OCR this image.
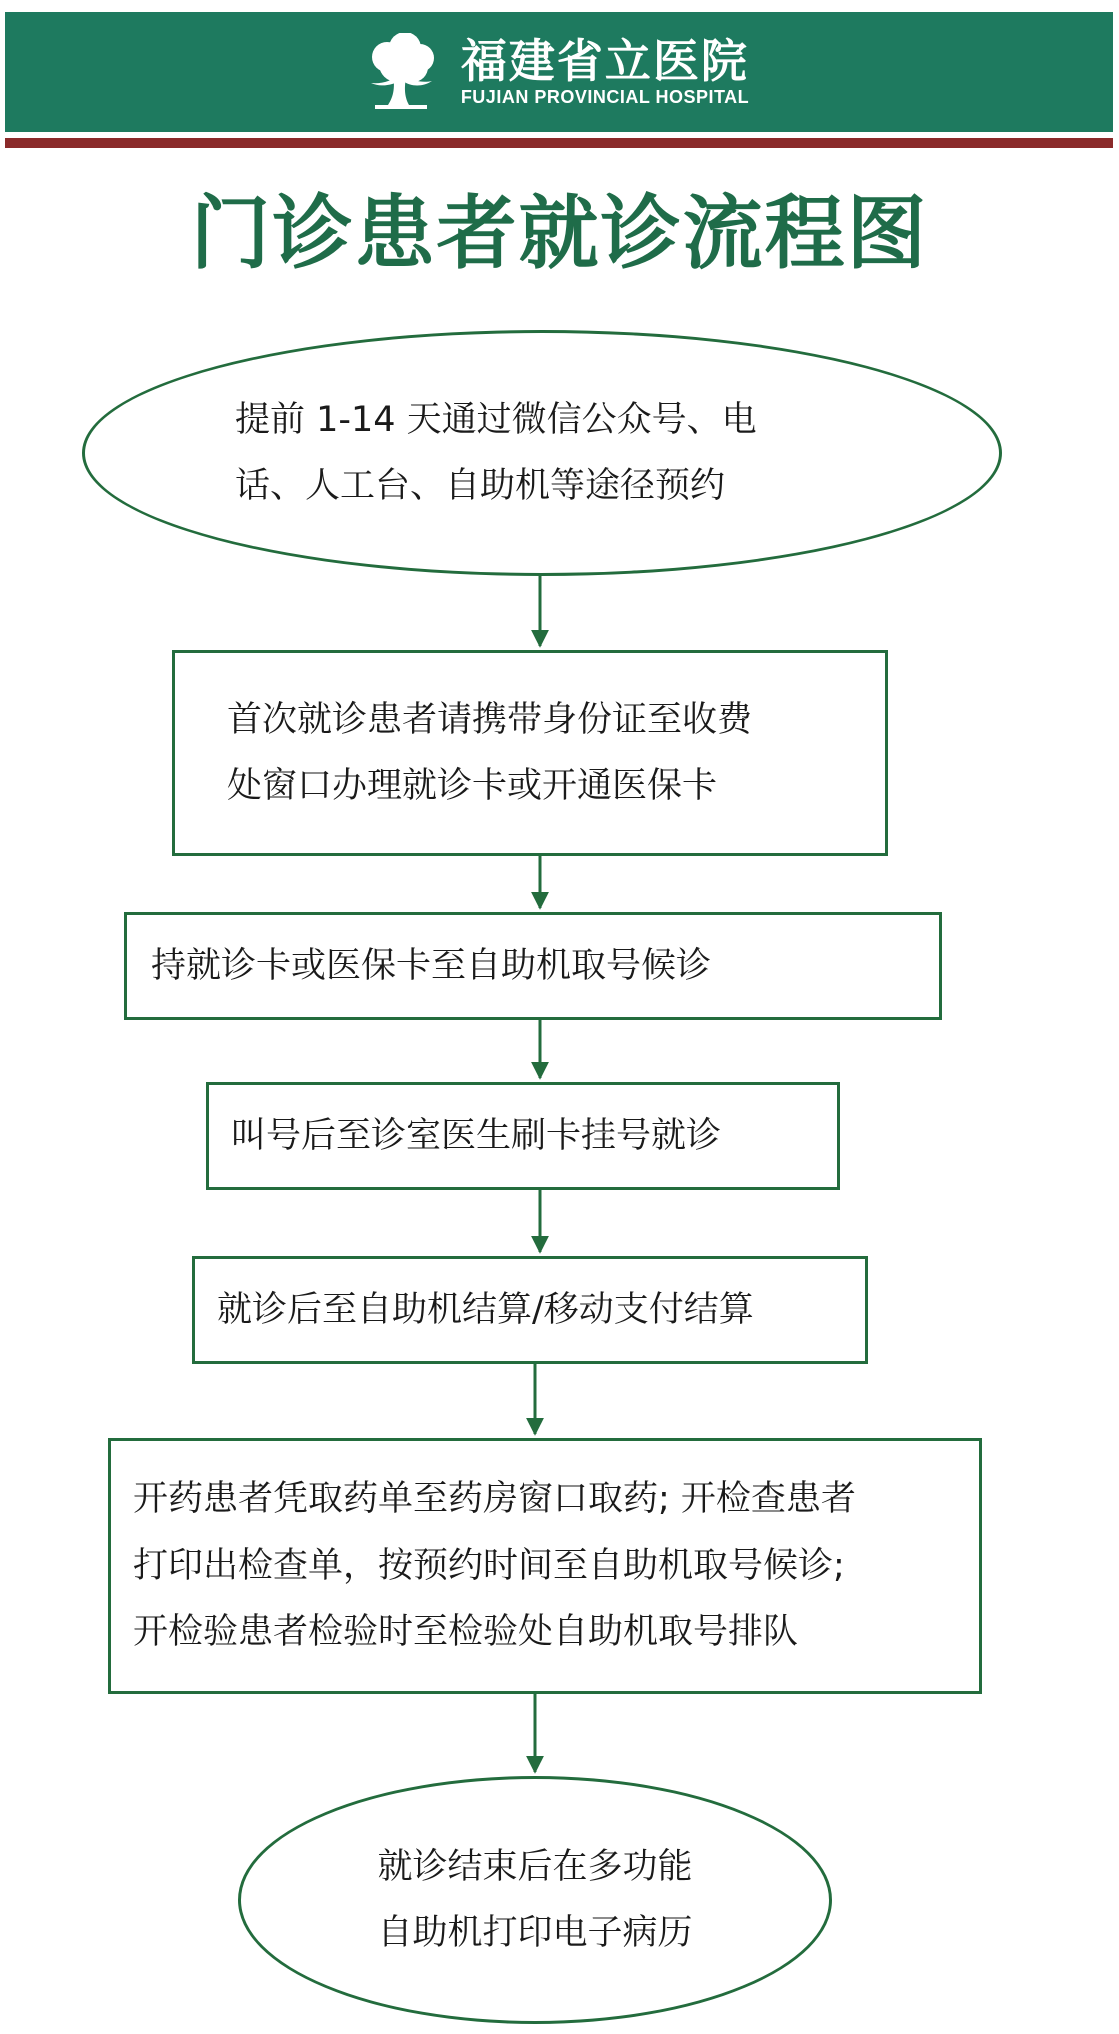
福建省立医院
FUJIAN PROVINCIAL HOSPITAL
门诊患者就诊流程图
提前 1-14 天通过微信公众号、电
话、人工台、自助机等途径预约
首次就诊患者请携带身份证至收费
处窗口办理就诊卡或开通医保卡
持就诊卡或医保卡至自助机取号候诊
叫号后至诊室医生刷卡挂号就诊
就诊后至自助机结算/移动支付结算
开药患者凭取药单至药房窗口取药; 开检查患者
打印出检查单，按预约时间至自助机取号候诊;
开检验患者检验时至检验处自助机取号排队
就诊结束后在多功能
自助机打印电子病历
